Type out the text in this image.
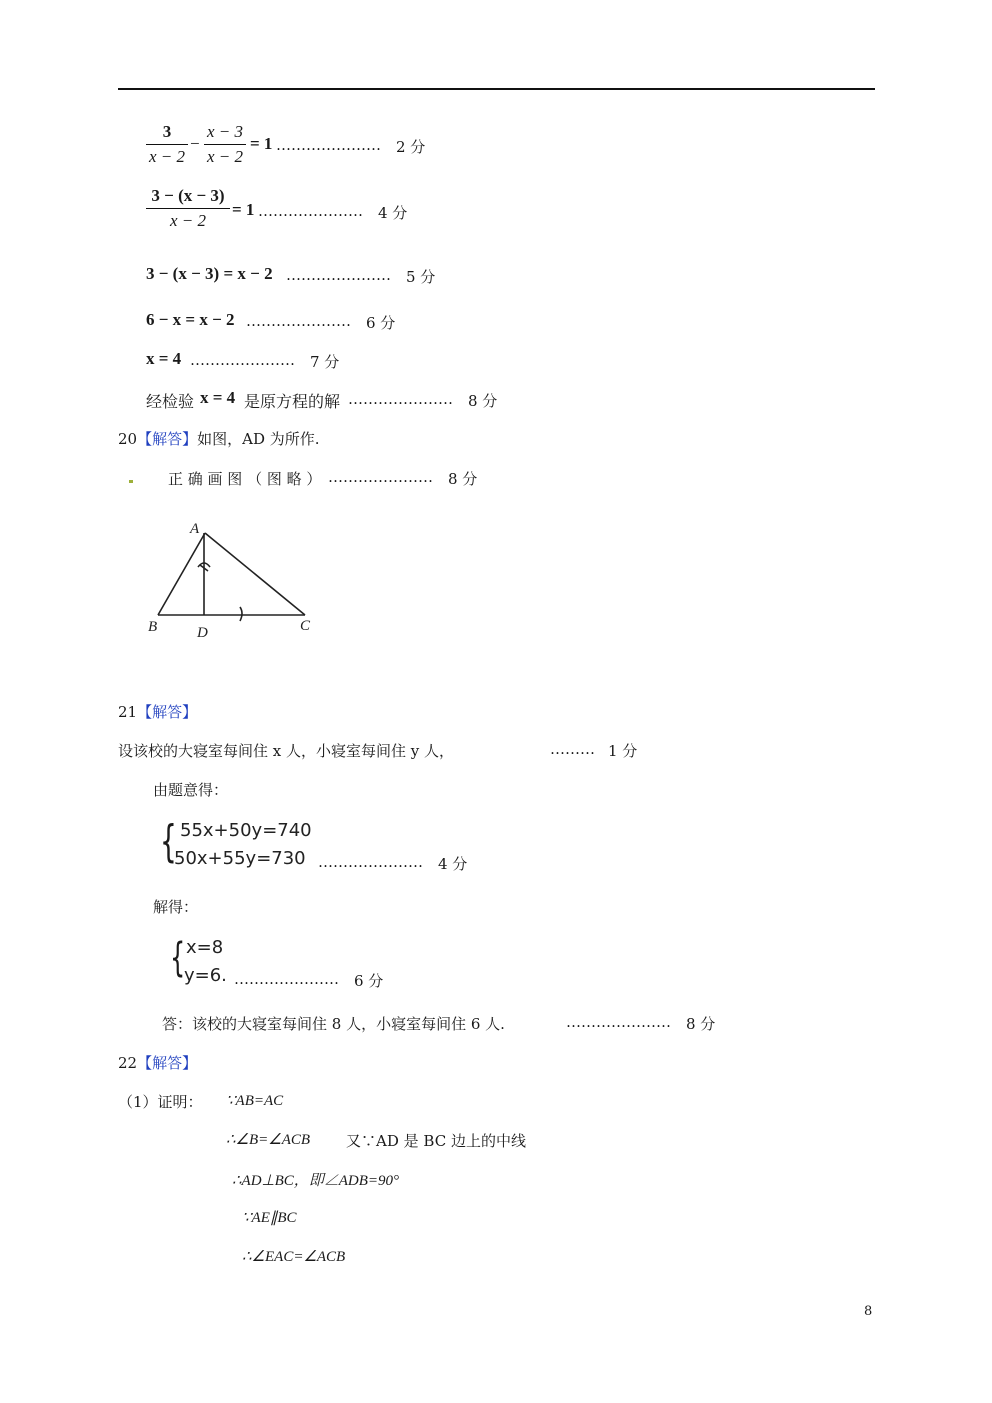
3
x − 2
−
x − 3
x − 2
= 1 ………………… 2 分
3 − (x − 3)
x − 2
= 1 ………………… 4 分
3 − (x − 3) = x − 2 ………………… 5 分
6 − x = x − 2 ………………… 6 分
x = 4 ………………… 7 分
经检验 x = 4 是原方程的解 ………………… 8 分
20【解答】如图，AD 为所作.
正 确 画 图 （ 图 略 ） ………………… 8 分
A
B	D	C
21【解答】
设该校的大寝室每间住 x 人，小寝室每间住 y 人，	……… 1 分
由题意得：
{ 55x+50y=740
50x+55y=730 ………………… 4 分
解得：
{ x=8
y=6. ………………… 6 分
答：该校的大寝室每间住 8 人，小寝室每间住 6 人.	………………… 8 分
22【解答】
（1）证明： ∵AB=AC
∴∠B=∠ACB 又∵AD 是 BC 边上的中线
∴AD⊥BC，即∠ADB=90°
∵AE∥BC
∴∠EAC=∠ACB
8
